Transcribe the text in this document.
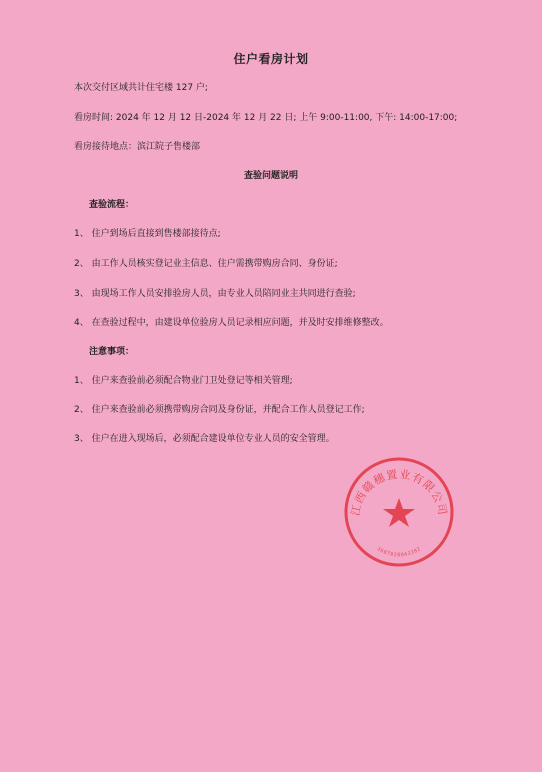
住户看房计划
本次交付区域共计住宅楼 127 户;
看房时间: 2024 年 12 月 12 日-2024 年 12 月 22 日; 上午 9:00-11:00, 下午: 14:00-17:00;
看房接待地点：滨江院子售楼部
查验问题说明
查验流程：
1、 住户到场后直接到售楼部接待点;
2、 由工作人员核实登记业主信息、住户需携带购房合同、身份证;
3、 由现场工作人员安排验房人员，由专业人员陪同业主共同进行查验;
4、 在查验过程中，由建设单位验房人员记录相应问题，并及时安排维修整改。
注意事项：
1、 住户来查验前必须配合物业门卫处登记等相关管理;
2、 住户来查验前必须携带购房合同及身份证，并配合工作人员登记工作;
3、 住户在进入现场后，必须配合建设单位专业人员的安全管理。
江西赣穗置业有限公司
3607020043382
